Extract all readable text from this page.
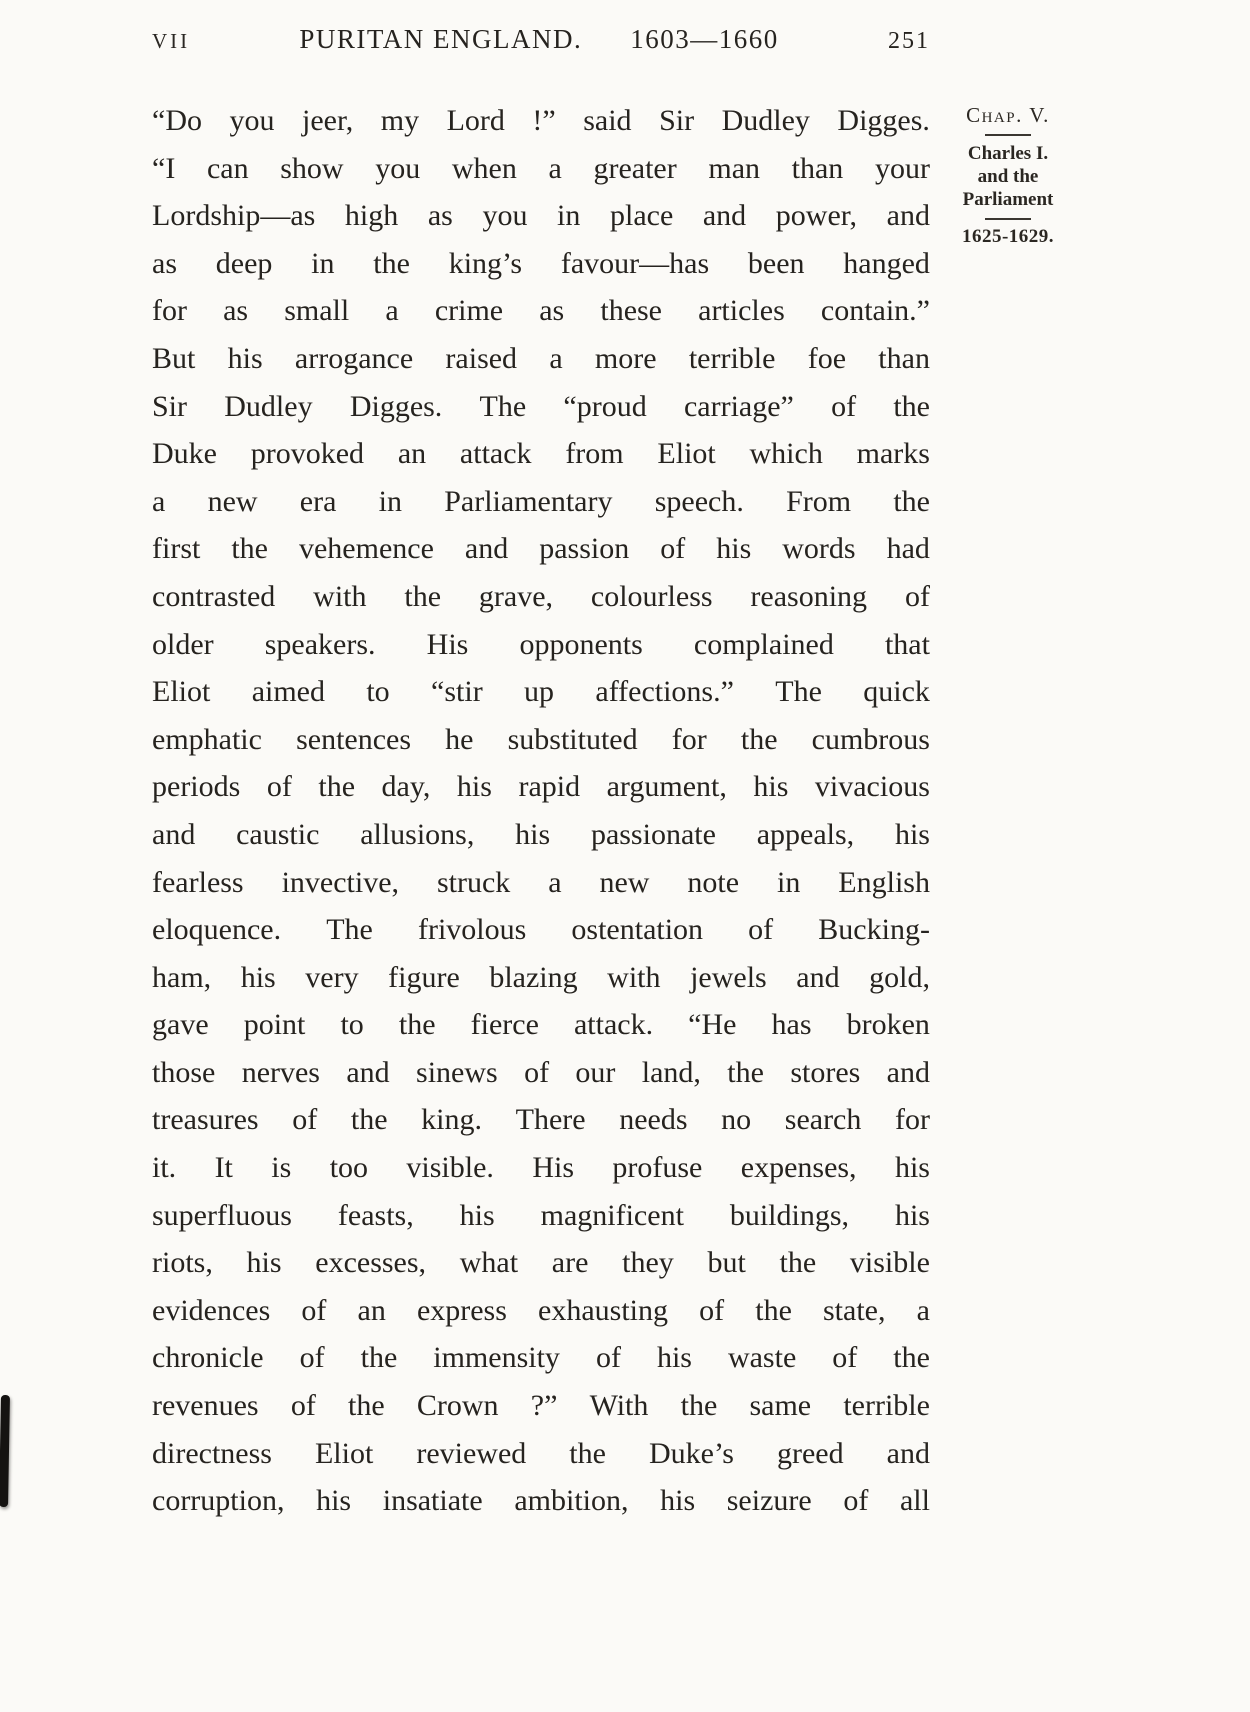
VII	PURITAN ENGLAND. 1603—1660	251
“Do you jeer, my Lord !” said Sir Dudley Digges.
“I can show you when a greater man than your
Lordship—as high as you in place and power, and
as deep in the king’s favour—has been hanged
for as small a crime as these articles contain.”
But his arrogance raised a more terrible foe than
Sir Dudley Digges. The “proud carriage” of the
Duke provoked an attack from Eliot which marks
a new era in Parliamentary speech. From the
first the vehemence and passion of his words had
contrasted with the grave, colourless reasoning of
older speakers. His opponents complained that
Eliot aimed to “stir up affections.” The quick
emphatic sentences he substituted for the cumbrous
periods of the day, his rapid argument, his vivacious
and caustic allusions, his passionate appeals, his
fearless invective, struck a new note in English
eloquence. The frivolous ostentation of Bucking-
ham, his very figure blazing with jewels and gold,
gave point to the fierce attack. “He has broken
those nerves and sinews of our land, the stores and
treasures of the king. There needs no search for
it. It is too visible. His profuse expenses, his
superfluous feasts, his magnificent buildings, his
riots, his excesses, what are they but the visible
evidences of an express exhausting of the state, a
chronicle of the immensity of his waste of the
revenues of the Crown ?” With the same terrible
directness Eliot reviewed the Duke’s greed and
corruption, his insatiate ambition, his seizure of all
Chap. V.
Charles I.
and the
Parliament
1625-1629.
